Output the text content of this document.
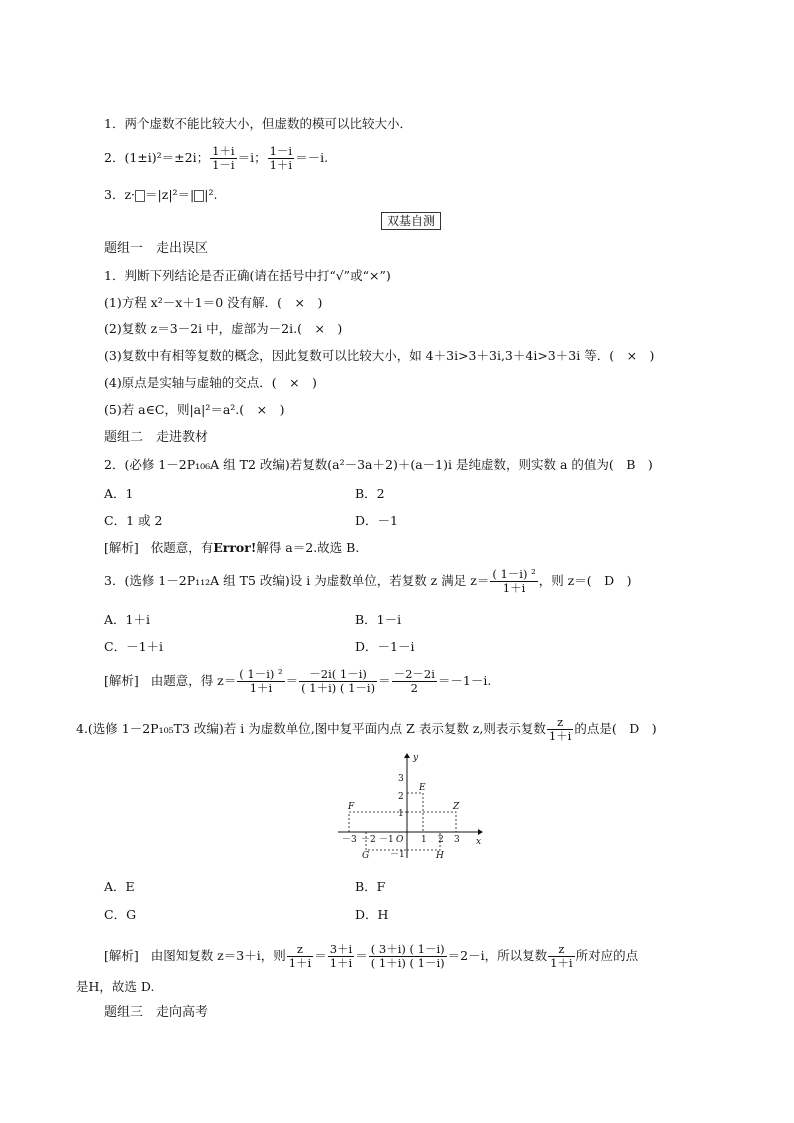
1．两个虚数不能比较大小，但虚数的模可以比较大小．
2．(1±i)²＝±2i； $\frac{1+i}{1-i} =i$； $\frac{1-i}{1+i} =-i$.
3．z· ＝|z|²＝| |².
双基自测
题组一　走出误区
1．判断下列结论是否正确(请在括号中打“√”或“×”)
(1)方程 x²－x＋1＝0 没有解．(　×　)
(2)复数 z＝3－2i 中，虚部为－2i.(　×　)
(3)复数中有相等复数的概念，因此复数可以比较大小，如 4＋3i>3＋3i,3＋4i>3＋3i 等．(　×　)
(4)原点是实轴与虚轴的交点．(　×　)
(5)若 a∈C，则|a|²＝a².(　×　)
题组二　走进教材
2．(必修 1－2P₁₀₆A 组 T2 改编)若复数(a²－3a＋2)＋(a－1)i 是纯虚数，则实数 a 的值为(　B　)
A．1	B．2
C．1 或 2	D．－1
[解析] 依题意，有Error!解得 a＝2.故选 B.
3．(选修 1－2P₁₁₂A 组 T5 改编)设 i 为虚数单位，若复数 z 满足 $z= \frac{\text{( 1－i) ²}}{1+i}$ ，则 z＝(　D　)
A．1＋i	B．1－i
C．－1＋i	D．－1－i
[解析] 由题意，得 $z= \frac{\text{( 1－i) ²}}{1+i} = \frac{-2i( 1-i)}{( 1+i) ( 1-i)} = \frac{-2-2i}{2} =-1-i$.
4.(选修 1－2P₁₀₅T3 改编)若 i 为虚数单位,图中复平面内点 Z 表示复数 z,则表示复数 $\frac{z}{1+i}$ 的点是(　D　)
x
y
O
－3 －2 －1	1 2 3
3
2
1
－1
E
F	Z
G	H
A．E	B．F
C．G	D．H
[解析] 由图知复数 z＝3＋i，则 $\frac{z}{1+i} = \frac{3+i}{1+i} = \frac{( 3+i) ( 1-i)}{( 1+i) ( 1-i)} =2-i$，所以复数 $\frac{z}{1+i}$ 所对应的点
是H，故选 D.
题组三　走向高考
